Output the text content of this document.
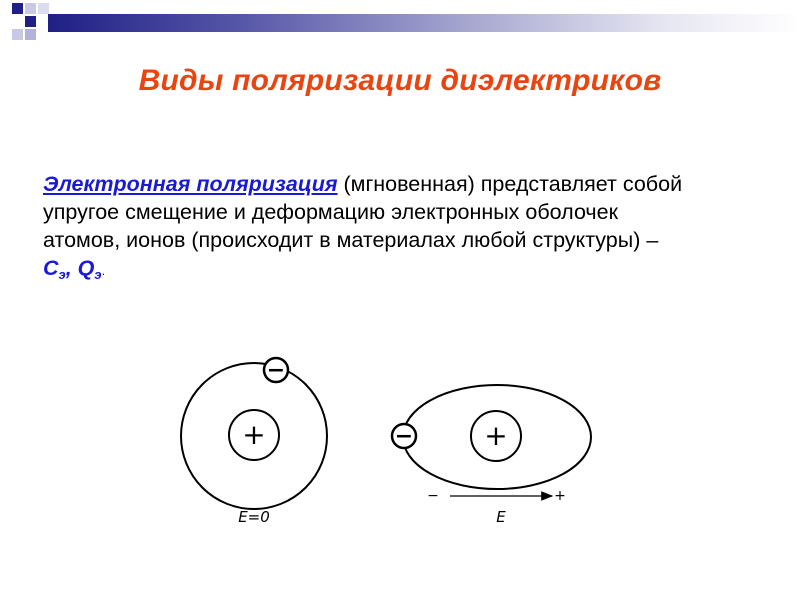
Виды поляризации диэлектриков
Электронная поляризация (мгновенная) представляет собой
упругое смещение и деформацию электронных оболочек
атомов, ионов (происходит в материалах любой структуры) –
$C_э$, $Q_э$.
+
−
E=0
+
−
−	+
E
